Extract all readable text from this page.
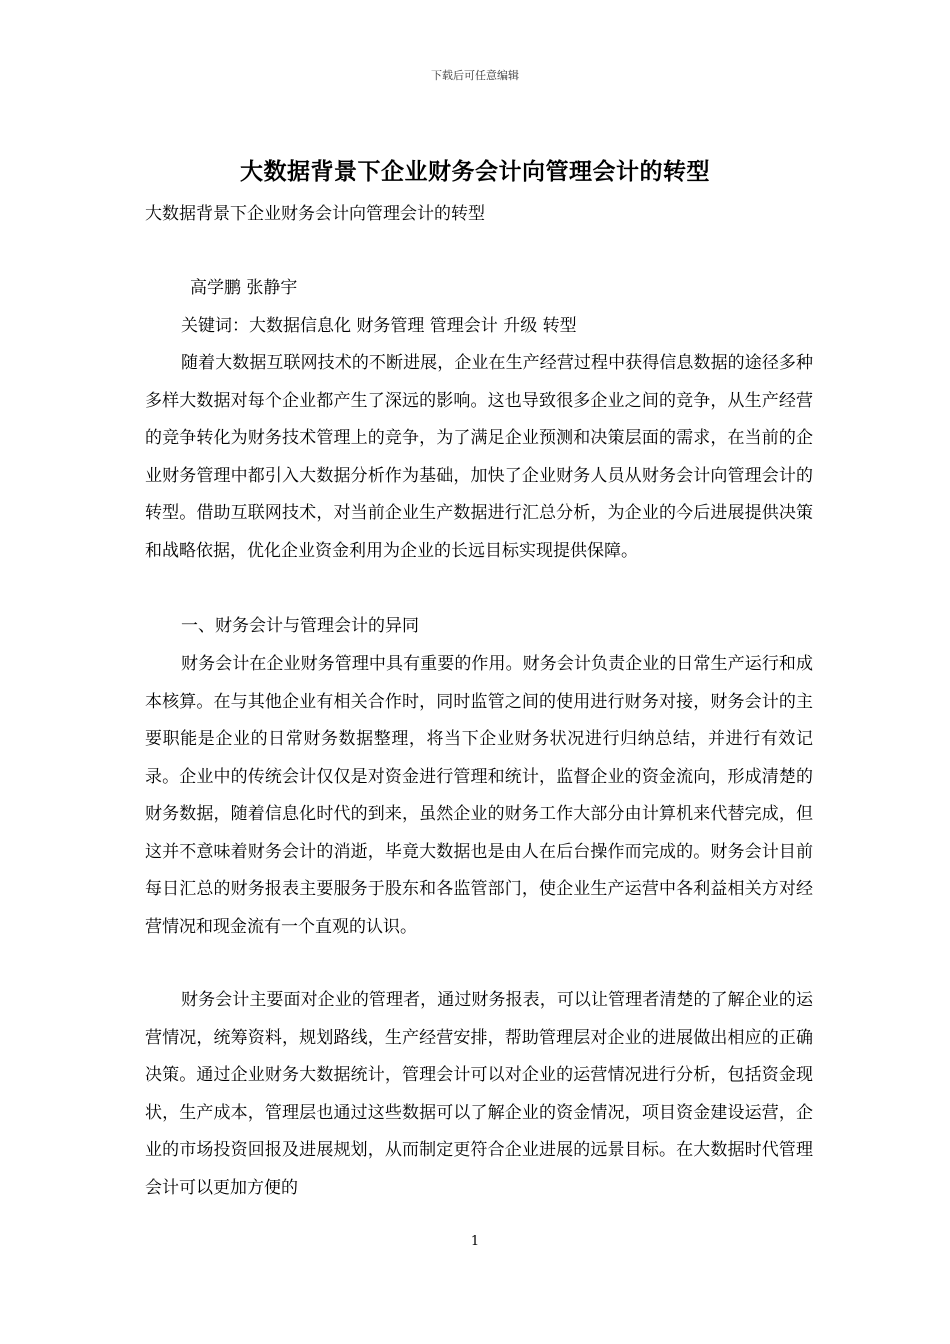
下载后可任意编辑
大数据背景下企业财务会计向管理会计的转型
大数据背景下企业财务会计向管理会计的转型
高学鹏 张静宇
关键词：大数据信息化 财务管理 管理会计 升级 转型

随着大数据互联网技术的不断进展，企业在生产经营过程中获得信息数据的途径多种多样大数据对每个企业都产生了深远的影响。这也导致很多企业之间的竞争，从生产经营的竞争转化为财务技术管理上的竞争，为了满足企业预测和决策层面的需求，在当前的企业财务管理中都引入大数据分析作为基础，加快了企业财务人员从财务会计向管理会计的转型。借助互联网技术，对当前企业生产数据进行汇总分析，为企业的今后进展提供决策和战略依据，优化企业资金利用为企业的长远目标实现提供保障。

一、财务会计与管理会计的异同

财务会计在企业财务管理中具有重要的作用。财务会计负责企业的日常生产运行和成本核算。在与其他企业有相关合作时，同时监管之间的使用进行财务对接，财务会计的主要职能是企业的日常财务数据整理，将当下企业财务状况进行归纳总结，并进行有效记录。企业中的传统会计仅仅是对资金进行管理和统计，监督企业的资金流向，形成清楚的财务数据，随着信息化时代的到来，虽然企业的财务工作大部分由计算机来代替完成，但这并不意味着财务会计的消逝，毕竟大数据也是由人在后台操作而完成的。财务会计目前每日汇总的财务报表主要服务于股东和各监管部门，使企业生产运营中各利益相关方对经营情况和现金流有一个直观的认识。

财务会计主要面对企业的管理者，通过财务报表，可以让管理者清楚的了解企业的运营情况，统筹资料，规划路线，生产经营安排，帮助管理层对企业的进展做出相应的正确决策。通过企业财务大数据统计，管理会计可以对企业的运营情况进行分析，包括资金现状，生产成本，管理层也通过这些数据可以了解企业的资金情况，项目资金建设运营，企业的市场投资回报及进展规划，从而制定更符合企业进展的远景目标。在大数据时代管理会计可以更加方便的

1
